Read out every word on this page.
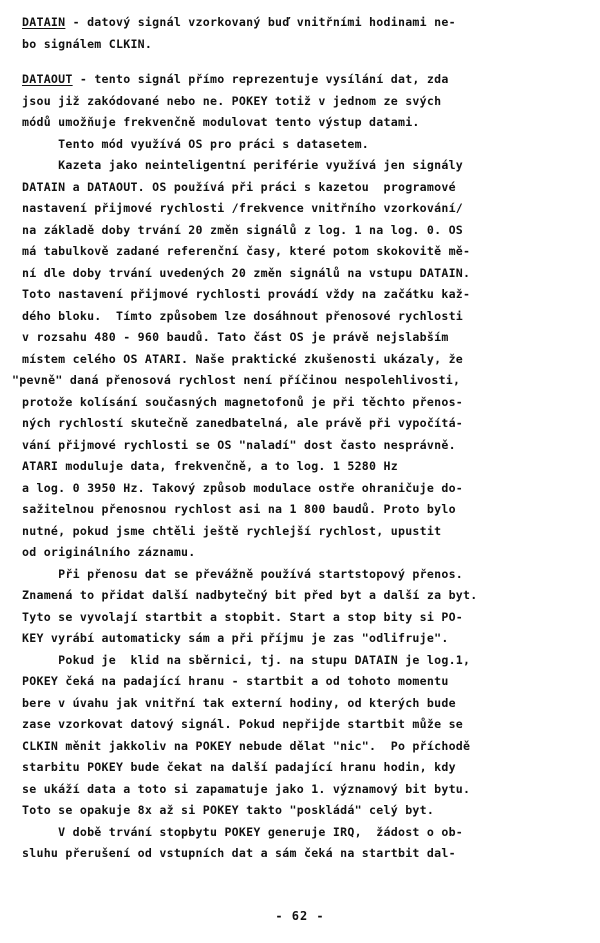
DATAIN - datový signál vzorkovaný buď vnitřními hodinami ne-
bo signálem CLKIN.
DATAOUT - tento signál přímo reprezentuje vysílání dat, zda
jsou již zakódované nebo ne. POKEY totiž v jednom ze svých
módů umožňuje frekvenčně modulovat tento výstup datami.
Tento mód využívá OS pro práci s datasetem.
Kazeta jako neinteligentní periférie využívá jen signály
DATAIN a DATAOUT. OS používá při práci s kazetou  programové
nastavení přijmové rychlosti /frekvence vnitřního vzorkování/
na základě doby trvání 20 změn signálů z log. 1 na log. 0. OS
má tabulkově zadané referenční časy, které potom skokovitě mě-
ní dle doby trvání uvedených 20 změn signálů na vstupu DATAIN.
Toto nastavení přijmové rychlosti provádí vždy na začátku kaž-
dého bloku.  Tímto způsobem lze dosáhnout přenosové rychlosti
v rozsahu 480 - 960 baudů. Tato část OS je právě nejslabším
místem celého OS ATARI. Naše praktické zkušenosti ukázaly, že
"pevně" daná přenosová rychlost není příčinou nespolehlivosti,
protože kolísání současných magnetofonů je při těchto přenos-
ných rychlostí skutečně zanedbatelná, ale právě při vypočítá-
vání přijmové rychlosti se OS "naladí" dost často nesprávně.
ATARI moduluje data, frekvenčně, a to log. 1 5280 Hz
a log. 0 3950 Hz. Takový způsob modulace ostře ohraničuje do-
sažitelnou přenosnou rychlost asi na 1 800 baudů. Proto bylo
nutné, pokud jsme chtěli ještě rychlejší rychlost, upustit
od originálního záznamu.
Při přenosu dat se převážně používá startstopový přenos.
Znamená to přidat další nadbytečný bit před byt a další za byt.
Tyto se vyvolají startbit a stopbit. Start a stop bity si PO-
KEY vyrábí automaticky sám a při příjmu je zas "odlifruje".
Pokud je  klid na sběrnici, tj. na stupu DATAIN je log.1,
POKEY čeká na padající hranu - startbit a od tohoto momentu
bere v úvahu jak vnitřní tak externí hodiny, od kterých bude
zase vzorkovat datový signál. Pokud nepřijde startbit může se
CLKIN měnit jakkoliv na POKEY nebude dělat "nic".  Po příchodě
starbitu POKEY bude čekat na další padající hranu hodin, kdy
se ukáží data a toto si zapamatuje jako 1. významový bit bytu.
Toto se opakuje 8x až si POKEY takto "poskládá" celý byt.
V době trvání stopbytu POKEY generuje IRQ,  žádost o ob-
sluhu přerušení od vstupních dat a sám čeká na startbit dal-
- 62 -
